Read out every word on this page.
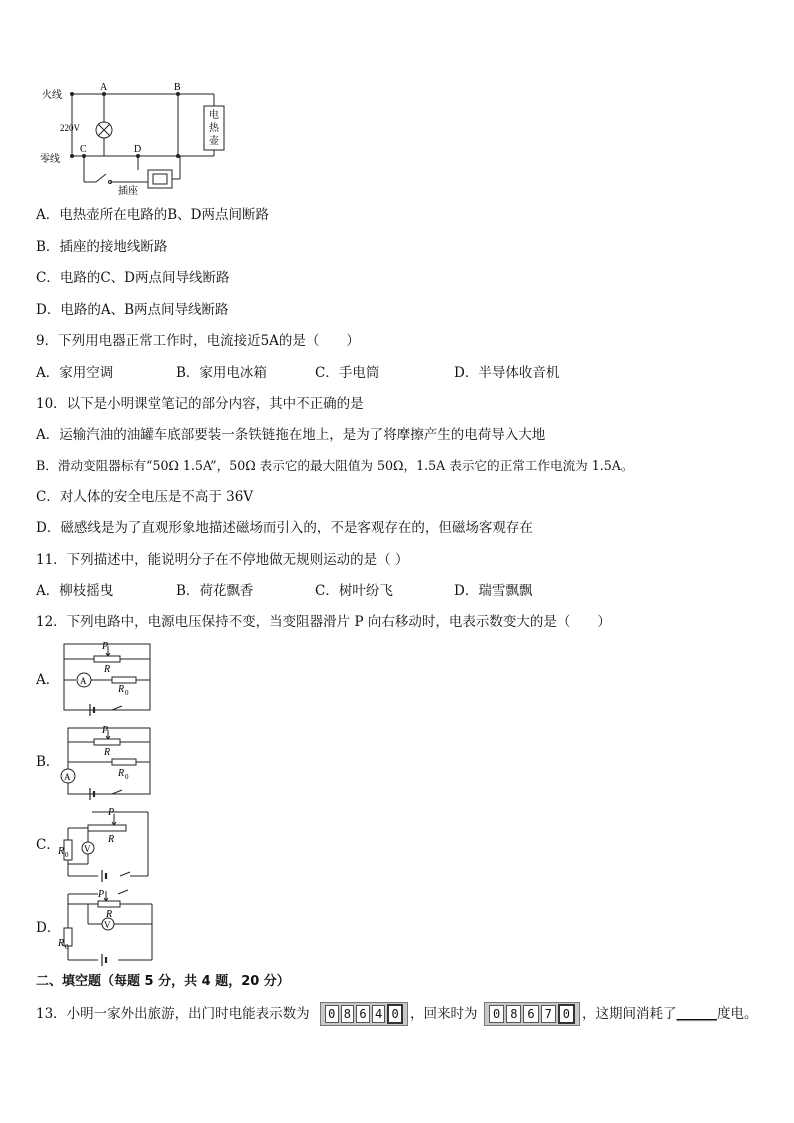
火线
零线
220V
A	B
C	D
插座
电
热
壶
A．电热壶所在电路的B、D两点间断路
B．插座的接地线断路
C．电路的C、D两点间导线断路
D．电路的A、B两点间导线断路
9．下列用电器正常工作时，电流接近5A的是（　　）
A．家用空调	B．家用电冰箱	C．手电筒	D．半导体收音机
10．以下是小明课堂笔记的部分内容，其中不正确的是
A．运输汽油的油罐车底部要装一条铁链拖在地上，是为了将摩擦产生的电荷导入大地
B．滑动变阻器标有“50Ω 1.5A”，50Ω 表示它的最大阻值为 50Ω，1.5A 表示它的正常工作电流为 1.5A。
C．对人体的安全电压是不高于 36V
D．磁感线是为了直观形象地描述磁场而引入的，不是客观存在的，但磁场客观存在
11．下列描述中，能说明分子在不停地做无规则运动的是（ ）
A．柳枝摇曳	B．荷花飘香	C．树叶纷飞	D．瑞雪飘飘
12．下列电路中，电源电压保持不变，当变阻器滑片 P 向右移动时，电表示数变大的是（　　）
A．
P
R
A
R 0
B．
P
R
A	R 0
C．
P
R
V
R 0
D．
P
R
V
R 0
二、填空题（每题 5 分，共 4 题，20 分）
13．小明一家外出旅游，出门时电能表示数为 0 8 6 4 0 ，回来时为	0 8 6 7 0 ，这期间消耗了______度电。
